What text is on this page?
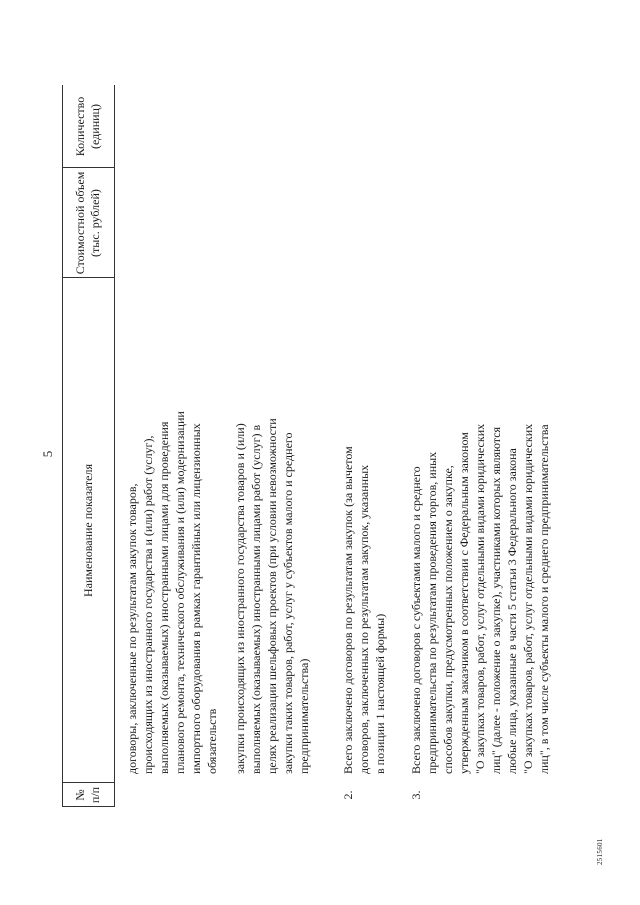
5
№ п/п
Наименование показателя
Стоимостной объем (тыс. рублей)
Количество (единиц)

договоры, заключенные по результатам закупок товаров, происходящих из иностранного государства и (или) работ (услуг), выполняемых (оказываемых) иностранными лицами для проведения планового ремонта, технического обслуживания и (или) модернизации импортного оборудования в рамках гарантийных или лицензионных обязательств закупки происходящих из иностранного государства товаров и (или) выполняемых (оказываемых) иностранными лицами работ (услуг) в целях реализации шельфовых проектов (при условии невозможности закупки таких товаров, работ, услуг у субъектов малого и среднего предпринимательства)

2.

Всего заключено договоров по результатам закупок (за вычетом договоров, заключенных по результатам закупок, указанных в позиции 1 настоящей формы)

3.

Всего заключено договоров с субъектами малого и среднего предпринимательства по результатам проведения торгов, иных способов закупки, предусмотренных положением о закупке, утвержденным заказчиком в соответствии с Федеральным законом "О закупках товаров, работ, услуг отдельными видами юридических лиц" (далее - положение о закупке), участниками которых являются любые лица, указанные в части 5 статьи 3 Федерального закона "О закупках товаров, работ, услуг отдельными видами юридических лиц", в том числе субъекты малого и среднего предпринимательства

2515601
